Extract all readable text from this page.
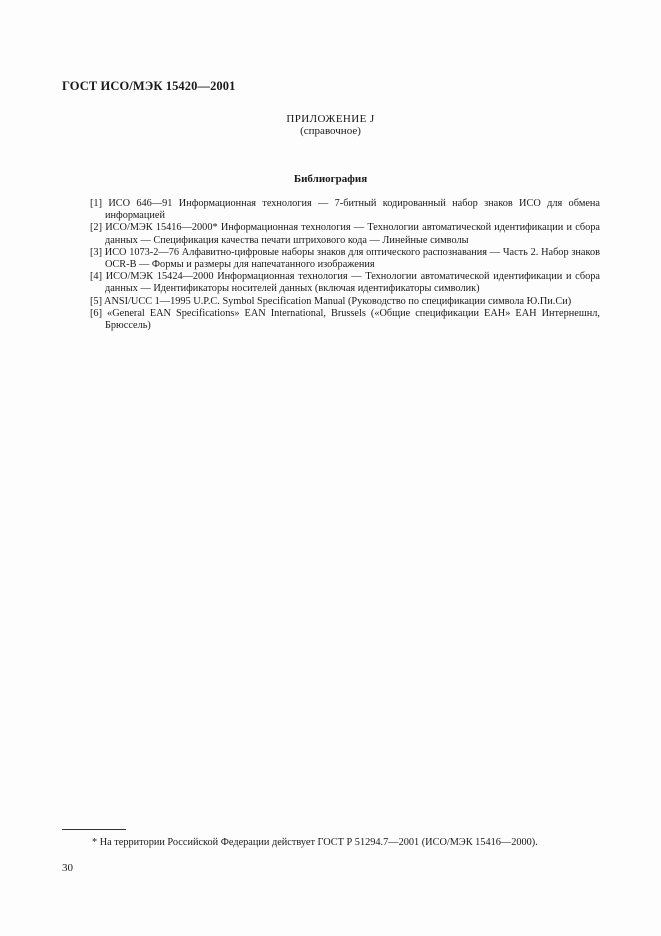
ГОСТ ИСО/МЭК 15420—2001
ПРИЛОЖЕНИЕ J
(справочное)
Библиография
[1] ИСО 646—91 Информационная технология — 7-битный кодированный набор знаков ИСО для обмена информацией
[2] ИСО/МЭК 15416—2000* Информационная технология — Технологии автоматической идентификации и сбора данных — Спецификация качества печати штрихового кода — Линейные символы
[3] ИСО 1073-2—76 Алфавитно-цифровые наборы знаков для оптического распознавания — Часть 2. Набор знаков OCR-B — Формы и размеры для напечатанного изображения
[4] ИСО/МЭК 15424—2000 Информационная технология — Технологии автоматической идентификации и сбора данных — Идентификаторы носителей данных (включая идентификаторы символик)
[5] ANSI/UCC 1—1995 U.P.C. Symbol Specification Manual (Руководство по спецификации символа Ю.Пи.Си)
[6] «General EAN Specifications» EAN International, Brussels («Общие спецификации ЕАН» ЕАН Интернешнл, Брюссель)
* На территории Российской Федерации действует ГОСТ Р 51294.7—2001 (ИСО/МЭК 15416—2000).
30
